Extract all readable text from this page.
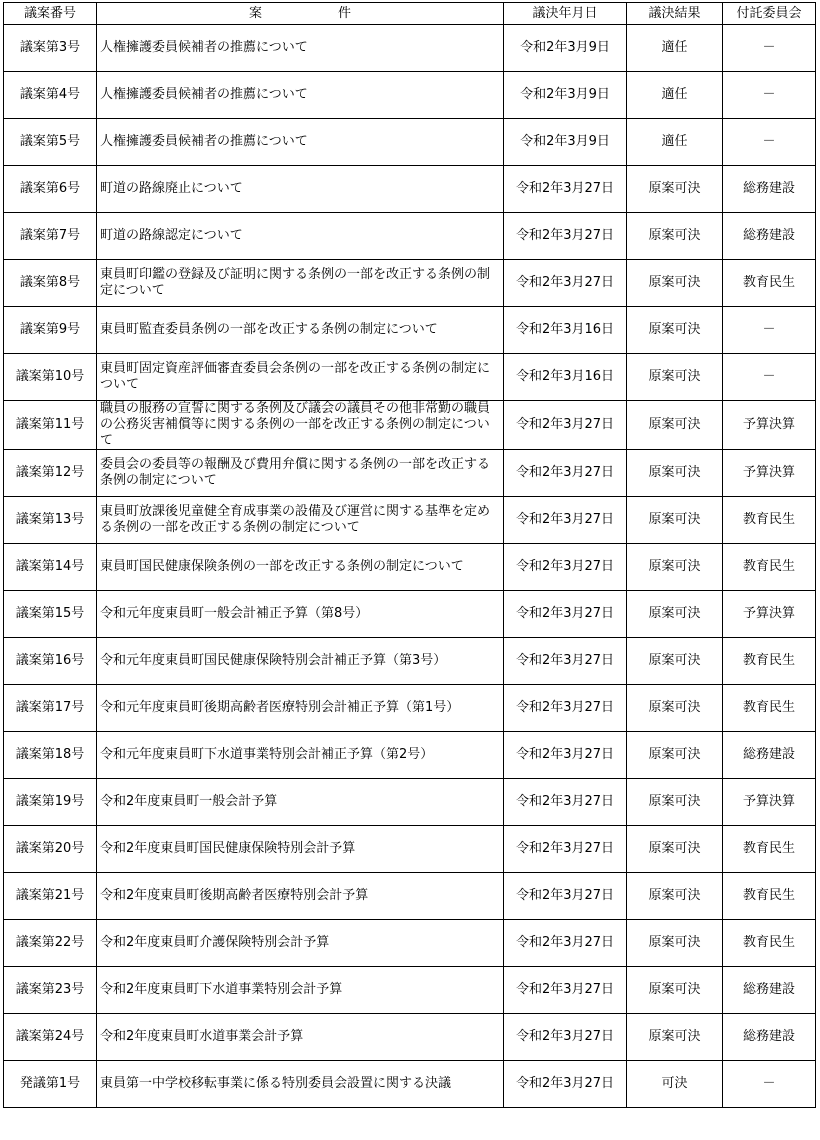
議案番号	案 件	議決年月日	議決結果	付託委員会
議案第3号	人権擁護委員候補者の推薦について	令和2年3月9日	適任	－
議案第4号	人権擁護委員候補者の推薦について	令和2年3月9日	適任	－
議案第5号	人権擁護委員候補者の推薦について	令和2年3月9日	適任	－
議案第6号	町道の路線廃止について	令和2年3月27日	原案可決	総務建設
議案第7号	町道の路線認定について	令和2年3月27日	原案可決	総務建設
議案第8号	東員町印鑑の登録及び証明に関する条例の一部を改正する条例の制定について	令和2年3月27日	原案可決	教育民生
議案第9号	東員町監査委員条例の一部を改正する条例の制定について	令和2年3月16日	原案可決	－
議案第10号	東員町固定資産評価審査委員会条例の一部を改正する条例の制定について	令和2年3月16日	原案可決	－
議案第11号	職員の服務の宣誓に関する条例及び議会の議員その他非常勤の職員の公務災害補償等に関する条例の一部を改正する条例の制定について	令和2年3月27日	原案可決	予算決算
議案第12号	委員会の委員等の報酬及び費用弁償に関する条例の一部を改正する条例の制定について	令和2年3月27日	原案可決	予算決算
議案第13号	東員町放課後児童健全育成事業の設備及び運営に関する基準を定める条例の一部を改正する条例の制定について	令和2年3月27日	原案可決	教育民生
議案第14号	東員町国民健康保険条例の一部を改正する条例の制定について	令和2年3月27日	原案可決	教育民生
議案第15号	令和元年度東員町一般会計補正予算（第8号）	令和2年3月27日	原案可決	予算決算
議案第16号	令和元年度東員町国民健康保険特別会計補正予算（第3号）	令和2年3月27日	原案可決	教育民生
議案第17号	令和元年度東員町後期高齢者医療特別会計補正予算（第1号）	令和2年3月27日	原案可決	教育民生
議案第18号	令和元年度東員町下水道事業特別会計補正予算（第2号）	令和2年3月27日	原案可決	総務建設
議案第19号	令和2年度東員町一般会計予算	令和2年3月27日	原案可決	予算決算
議案第20号	令和2年度東員町国民健康保険特別会計予算	令和2年3月27日	原案可決	教育民生
議案第21号	令和2年度東員町後期高齢者医療特別会計予算	令和2年3月27日	原案可決	教育民生
議案第22号	令和2年度東員町介護保険特別会計予算	令和2年3月27日	原案可決	教育民生
議案第23号	令和2年度東員町下水道事業特別会計予算	令和2年3月27日	原案可決	総務建設
議案第24号	令和2年度東員町水道事業会計予算	令和2年3月27日	原案可決	総務建設
発議第1号	東員第一中学校移転事業に係る特別委員会設置に関する決議	令和2年3月27日	可決	－
